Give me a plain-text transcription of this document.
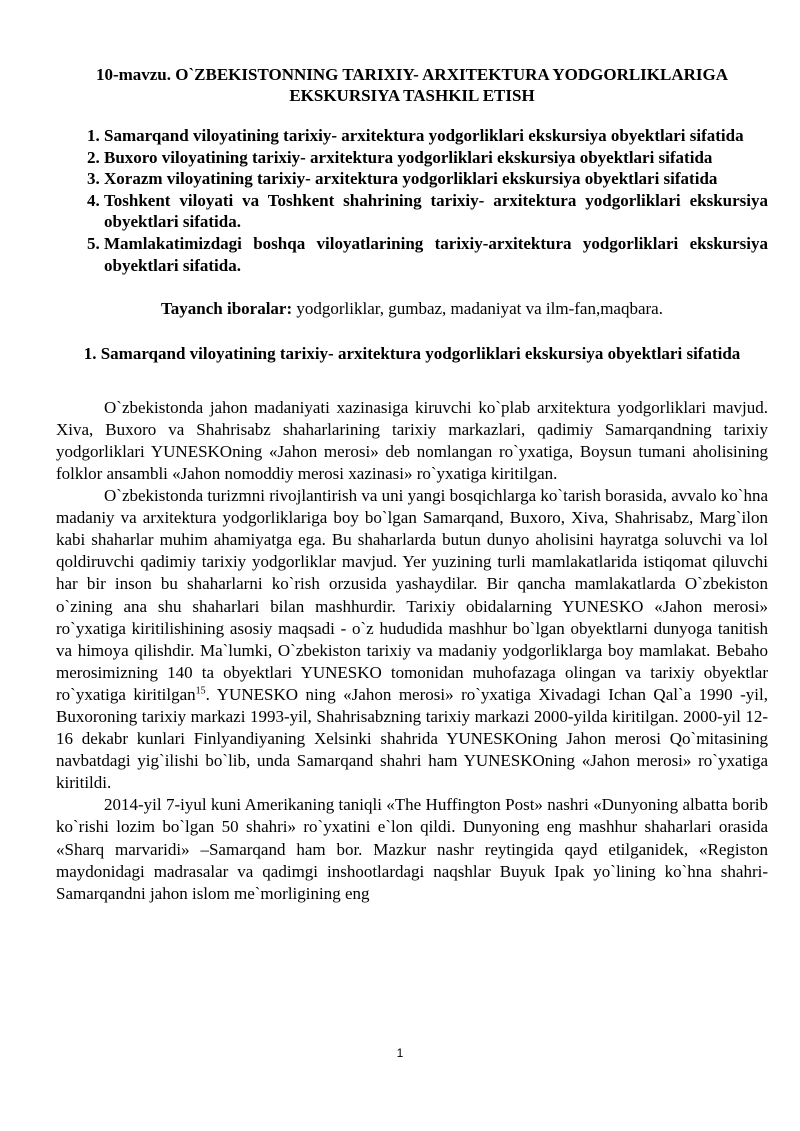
10-mavzu. O`ZBEKISTONNING TARIXIY- ARXITEKTURA YODGORLIKLARIGA EKSKURSIYA TASHKIL ETISH
1. Samarqand viloyatining tarixiy- arxitektura yodgorliklari ekskursiya obyektlari sifatida
2. Buxoro viloyatining tarixiy- arxitektura yodgorliklari ekskursiya obyektlari sifatida
3. Xorazm viloyatining tarixiy- arxitektura yodgorliklari ekskursiya obyektlari sifatida
4. Toshkent viloyati va Toshkent shahrining tarixiy- arxitektura yodgorliklari ekskursiya obyektlari sifatida.
5. Mamlakatimizdagi boshqa viloyatlarining tarixiy-arxitektura yodgorliklari ekskursiya obyektlari sifatida.

Tayanch iboralar: yodgorliklar, gumbaz, madaniyat va ilm-fan,maqbara.

1. Samarqand viloyatining tarixiy- arxitektura yodgorliklari ekskursiya obyektlari sifatida

O`zbekistonda jahon madaniyati xazinasiga kiruvchi ko`plab arxitektura yodgorliklari mavjud. Xiva, Buxoro va Shahrisabz shaharlarining tarixiy markazlari, qadimiy Samarqandning tarixiy yodgorliklari YUNESKOning «Jahon merosi» deb nomlangan ro`yxatiga, Boysun tumani aholisining folklor ansambli «Jahon nomoddiy merosi xazinasi» ro`yxatiga kiritilgan.

O`zbekistonda turizmni rivojlantirish va uni yangi bosqichlarga ko`tarish borasida, avvalo ko`hna madaniy va arxitektura yodgorliklariga boy bo`lgan Samarqand, Buxoro, Xiva, Shahrisabz, Marg`ilon kabi shaharlar muhim ahamiyatga ega. Bu shaharlarda butun dunyo aholisini hayratga soluvchi va lol qoldiruvchi qadimiy tarixiy yodgorliklar mavjud. Yer yuzining turli mamlakatlarida istiqomat qiluvchi har bir inson bu shaharlarni ko`rish orzusida yashaydilar. Bir qancha mamlakatlarda O`zbekiston o`zining ana shu shaharlari bilan mashhurdir. Tarixiy obidalarning YUNESKO «Jahon merosi» ro`yxatiga kiritilishining asosiy maqsadi - o`z hududida mashhur bo`lgan obyektlarni dunyoga tanitish va himoya qilishdir. Ma`lumki, O`zbekiston tarixiy va madaniy yodgorliklarga boy mamlakat. Bebaho merosimizning 140 ta obyektlari YUNESKO tomonidan muhofazaga olingan va tarixiy obyektlar ro`yxatiga kiritilgan$^{15}$. YUNESKO ning «Jahon merosi» ro`yxatiga Xivadagi Ichan Qal`a 1990 -yil, Buxoroning tarixiy markazi 1993-yil, Shahrisabzning tarixiy markazi 2000-yilda kiritilgan. 2000-yil 12-16 dekabr kunlari Finlyandiyaning Xelsinki shahrida YUNESKOning Jahon merosi Qo`mitasining navbatdagi yig`ilishi bo`lib, unda Samarqand shahri ham YUNESKOning «Jahon merosi» ro`yxatiga kiritildi.

2014-yil 7-iyul kuni Amerikaning taniqli «The Huffington Post» nashri «Dunyoning albatta borib ko`rishi lozim bo`lgan 50 shahri» ro`yxatini e`lon qildi. Dunyoning eng mashhur shaharlari orasida «Sharq marvaridi» –Samarqand ham bor. Mazkur nashr reytingida qayd etilganidek, «Registon maydonidagi madrasalar va qadimgi inshootlardagi naqshlar Buyuk Ipak yo`lining ko`hna shahri-Samarqandni jahon islom me`morligining eng

1
